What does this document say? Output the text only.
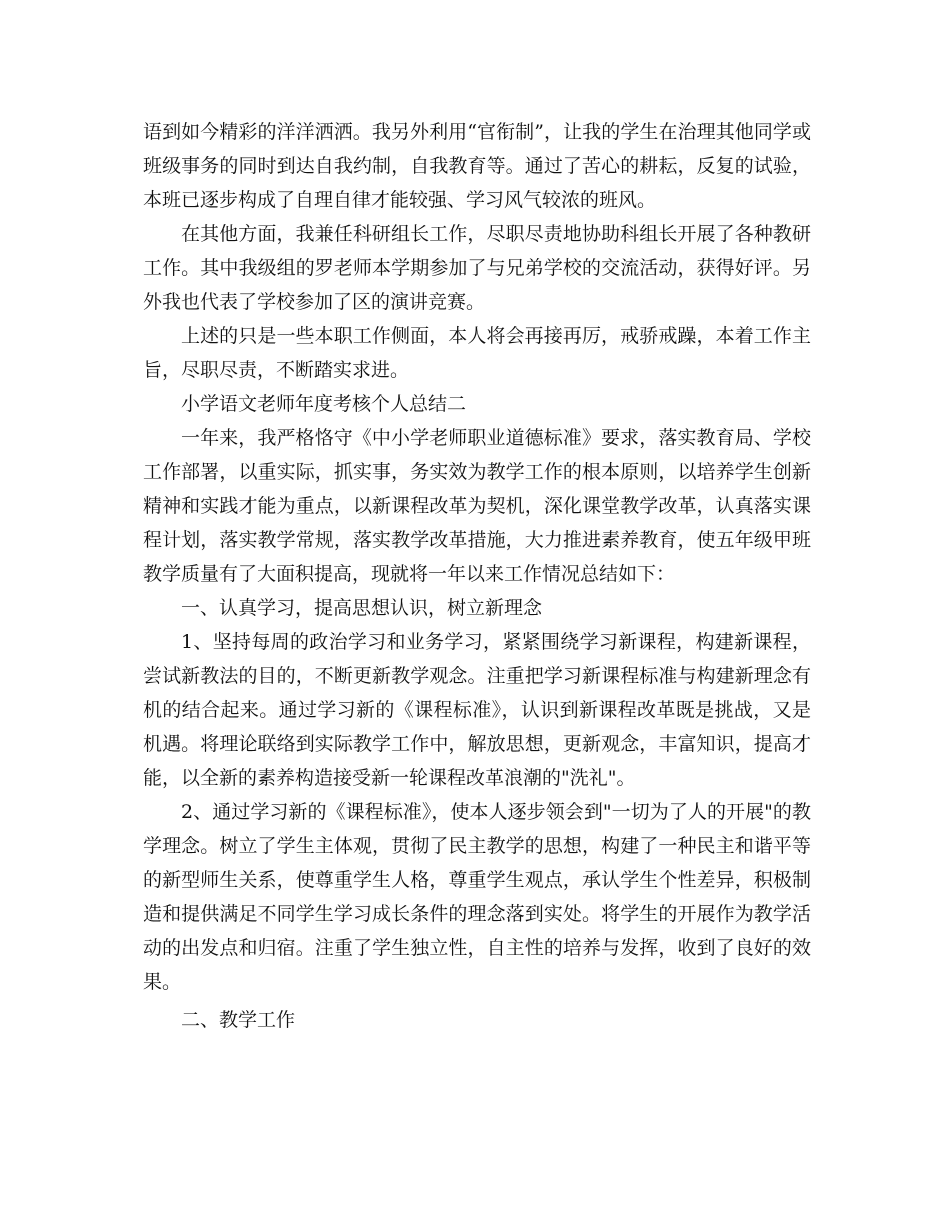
语到如今精彩的洋洋洒洒。我另外利用“官衔制”，让我的学生在治理其他同学或班级事务的同时到达自我约制，自我教育等。通过了苦心的耕耘，反复的试验，本班已逐步构成了自理自律才能较强、学习风气较浓的班风。

在其他方面，我兼任科研组长工作，尽职尽责地协助科组长开展了各种教研工作。其中我级组的罗老师本学期参加了与兄弟学校的交流活动，获得好评。另外我也代表了学校参加了区的演讲竞赛。

上述的只是一些本职工作侧面，本人将会再接再厉，戒骄戒躁，本着工作主旨，尽职尽责，不断踏实求进。

小学语文老师年度考核个人总结二

一年来，我严格恪守《中小学老师职业道德标准》要求，落实教育局、学校工作部署，以重实际，抓实事，务实效为教学工作的根本原则，以培养学生创新精神和实践才能为重点，以新课程改革为契机，深化课堂教学改革，认真落实课程计划，落实教学常规，落实教学改革措施，大力推进素养教育，使五年级甲班教学质量有了大面积提高，现就将一年以来工作情况总结如下：

一、认真学习，提高思想认识，树立新理念

1、坚持每周的政治学习和业务学习，紧紧围绕学习新课程，构建新课程，尝试新教法的目的，不断更新教学观念。注重把学习新课程标准与构建新理念有机的结合起来。通过学习新的《课程标准》，认识到新课程改革既是挑战，又是机遇。将理论联络到实际教学工作中，解放思想，更新观念，丰富知识，提高才能，以全新的素养构造接受新一轮课程改革浪潮的"洗礼"。

2、通过学习新的《课程标准》，使本人逐步领会到"一切为了人的开展"的教学理念。树立了学生主体观，贯彻了民主教学的思想，构建了一种民主和谐平等的新型师生关系，使尊重学生人格，尊重学生观点，承认学生个性差异，积极制造和提供满足不同学生学习成长条件的理念落到实处。将学生的开展作为教学活动的出发点和归宿。注重了学生独立性，自主性的培养与发挥，收到了良好的效果。

二、教学工作
